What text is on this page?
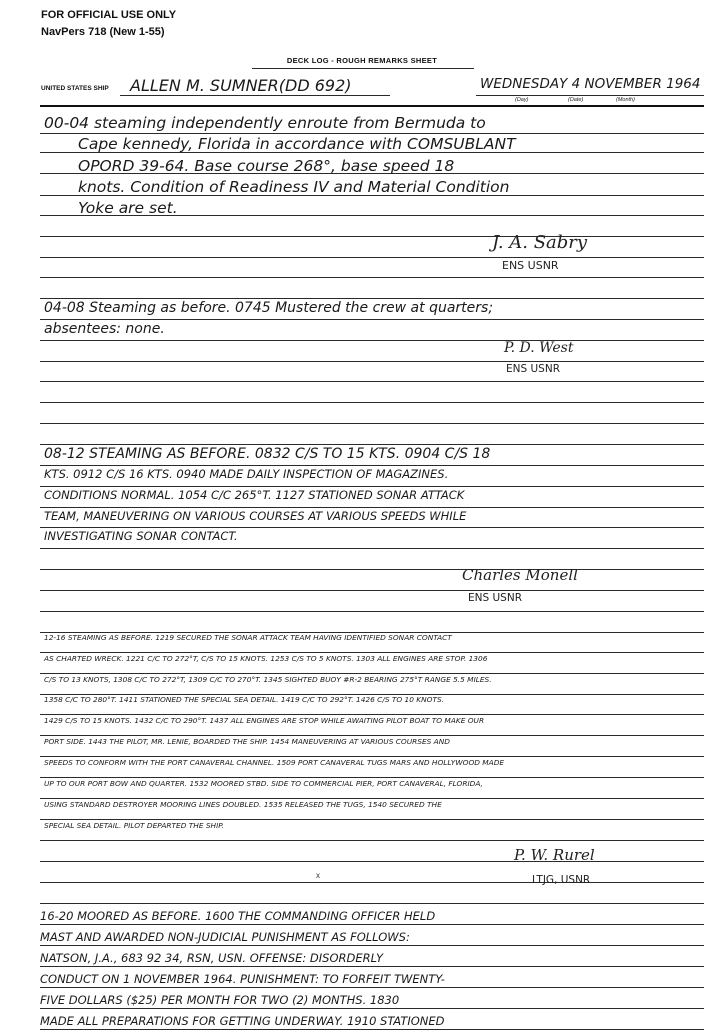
FOR OFFICIAL USE ONLY
NavPers 718 (New 1-55)
DECK LOG - ROUGH REMARKS SHEET
UNITED STATES SHIP ALLEN M. SUMNER(DD 692)	WEDNESDAY 4 NOVEMBER 1964
(Day)	(Date)	(Month)
00-04 steaming independently enroute from Bermuda to
Cape kennedy, Florida in accordance with COMSUBLANT
OPORD 39-64. Base course 268°, base speed 18
knots. Condition of Readiness IV and Material Condition
Yoke are set.
J. A. Sabry
ENS USNR
04-08 Steaming as before. 0745 Mustered the crew at quarters;
absentees: none.
P. D. West
ENS USNR
08-12 STEAMING AS BEFORE. 0832 C/S TO 15 KTS. 0904 C/S 18
KTS. 0912 C/S 16 KTS. 0940 MADE DAILY INSPECTION OF MAGAZINES.
CONDITIONS NORMAL. 1054 C/C 265°T. 1127 STATIONED SONAR ATTACK
TEAM, MANEUVERING ON VARIOUS COURSES AT VARIOUS SPEEDS WHILE
INVESTIGATING SONAR CONTACT.
Charles Monell
ENS USNR
12-16 STEAMING AS BEFORE. 1219 SECURED THE SONAR ATTACK TEAM HAVING IDENTIFIED SONAR CONTACT
AS CHARTED WRECK. 1221 C/C TO 272°T, C/S TO 15 KNOTS. 1253 C/S TO 5 KNOTS. 1303 ALL ENGINES ARE STOP. 1306
C/S TO 13 KNOTS, 1308 C/C TO 272°T, 1309 C/C TO 270°T. 1345 SIGHTED BUOY #R-2 BEARING 275°T RANGE 5.5 MILES.
1358 C/C TO 280°T. 1411 STATIONED THE SPECIAL SEA DETAIL. 1419 C/C TO 292°T. 1426 C/S TO 10 KNOTS.
1429 C/S TO 15 KNOTS. 1432 C/C TO 290°T. 1437 ALL ENGINES ARE STOP WHILE AWAITING PILOT BOAT TO MAKE OUR
PORT SIDE. 1443 THE PILOT, MR. LENIE, BOARDED THE SHIP. 1454 MANEUVERING AT VARIOUS COURSES AND
SPEEDS TO CONFORM WITH THE PORT CANAVERAL CHANNEL. 1509 PORT CANAVERAL TUGS MARS AND HOLLYWOOD MADE
UP TO OUR PORT BOW AND QUARTER. 1532 MOORED STBD. SIDE TO COMMERCIAL PIER, PORT CANAVERAL, FLORIDA,
USING STANDARD DESTROYER MOORING LINES DOUBLED. 1535 RELEASED THE TUGS, 1540 SECURED THE
SPECIAL SEA DETAIL. PILOT DEPARTED THE SHIP.
P. W. Rurel
LTJG, USNR
x
16-20 MOORED AS BEFORE. 1600 THE COMMANDING OFFICER HELD
MAST AND AWARDED NON-JUDICIAL PUNISHMENT AS FOLLOWS:
NATSON, J.A., 683 92 34, RSN, USN. OFFENSE: DISORDERLY
CONDUCT ON 1 NOVEMBER 1964. PUNISHMENT: TO FORFEIT TWENTY-
FIVE DOLLARS ($25) PER MONTH FOR TWO (2) MONTHS. 1830
MADE ALL PREPARATIONS FOR GETTING UNDERWAY. 1910 STATIONED
